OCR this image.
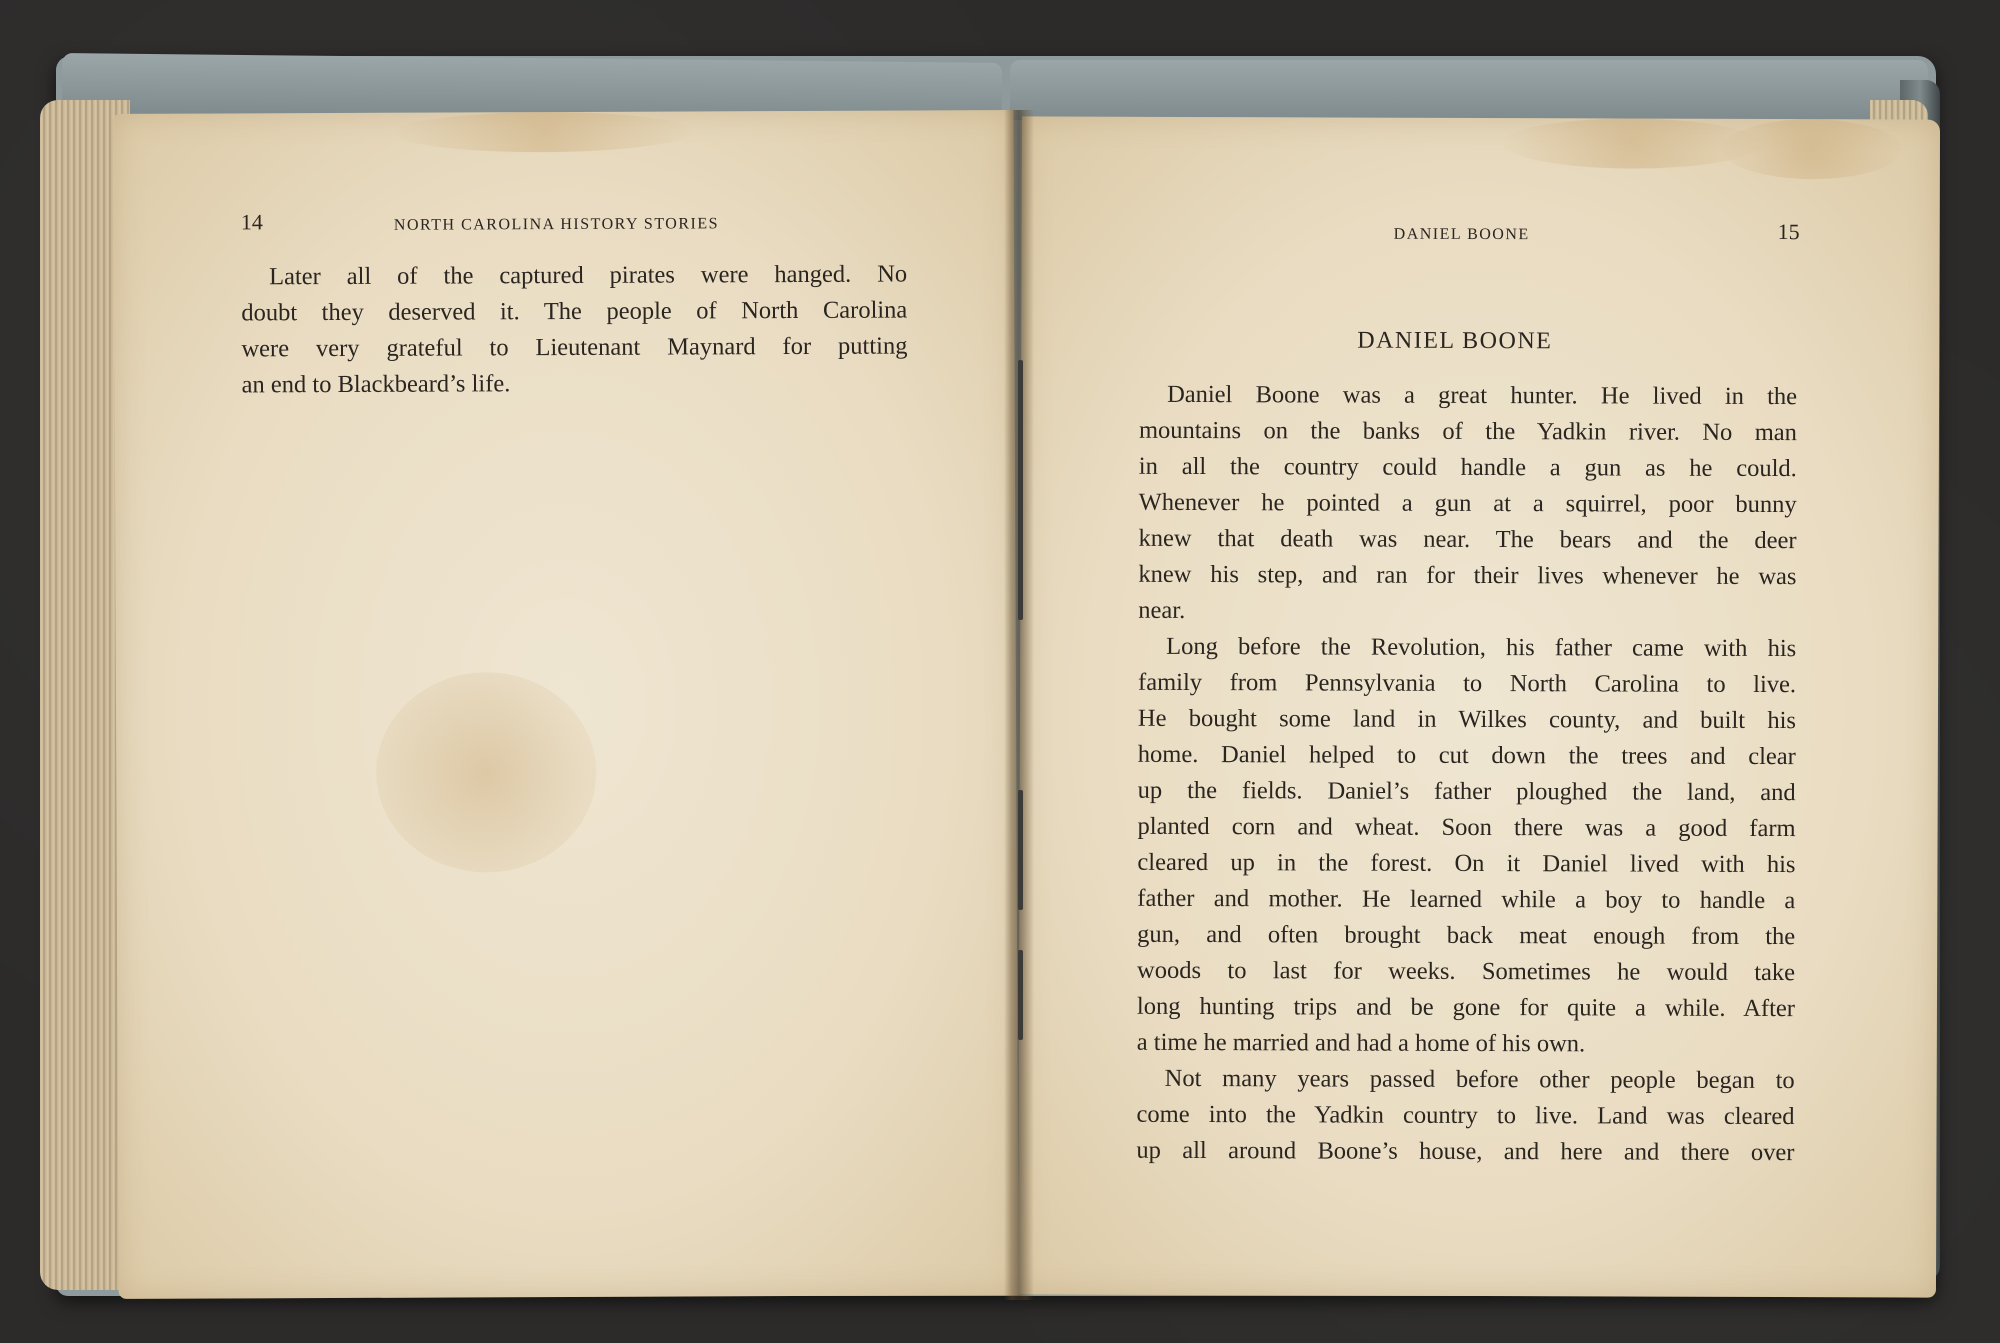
14	NORTH CAROLINA HISTORY STORIES
Later all of the captured pirates were hanged. No
doubt they deserved it. The people of North Carolina
were very grateful to Lieutenant Maynard for putting
an end to Blackbeard’s life.
DANIEL BOONE	15
DANIEL BOONE
Daniel Boone was a great hunter. He lived in the
mountains on the banks of the Yadkin river. No man
in all the country could handle a gun as he could.
Whenever he pointed a gun at a squirrel, poor bunny
knew that death was near. The bears and the deer
knew his step, and ran for their lives whenever he was
near.
Long before the Revolution, his father came with his
family from Pennsylvania to North Carolina to live.
He bought some land in Wilkes county, and built his
home. Daniel helped to cut down the trees and clear
up the fields. Daniel’s father ploughed the land, and
planted corn and wheat. Soon there was a good farm
cleared up in the forest. On it Daniel lived with his
father and mother. He learned while a boy to handle a
gun, and often brought back meat enough from the
woods to last for weeks. Sometimes he would take
long hunting trips and be gone for quite a while. After
a time he married and had a home of his own.
Not many years passed before other people began to
come into the Yadkin country to live. Land was cleared
up all around Boone’s house, and here and there over
